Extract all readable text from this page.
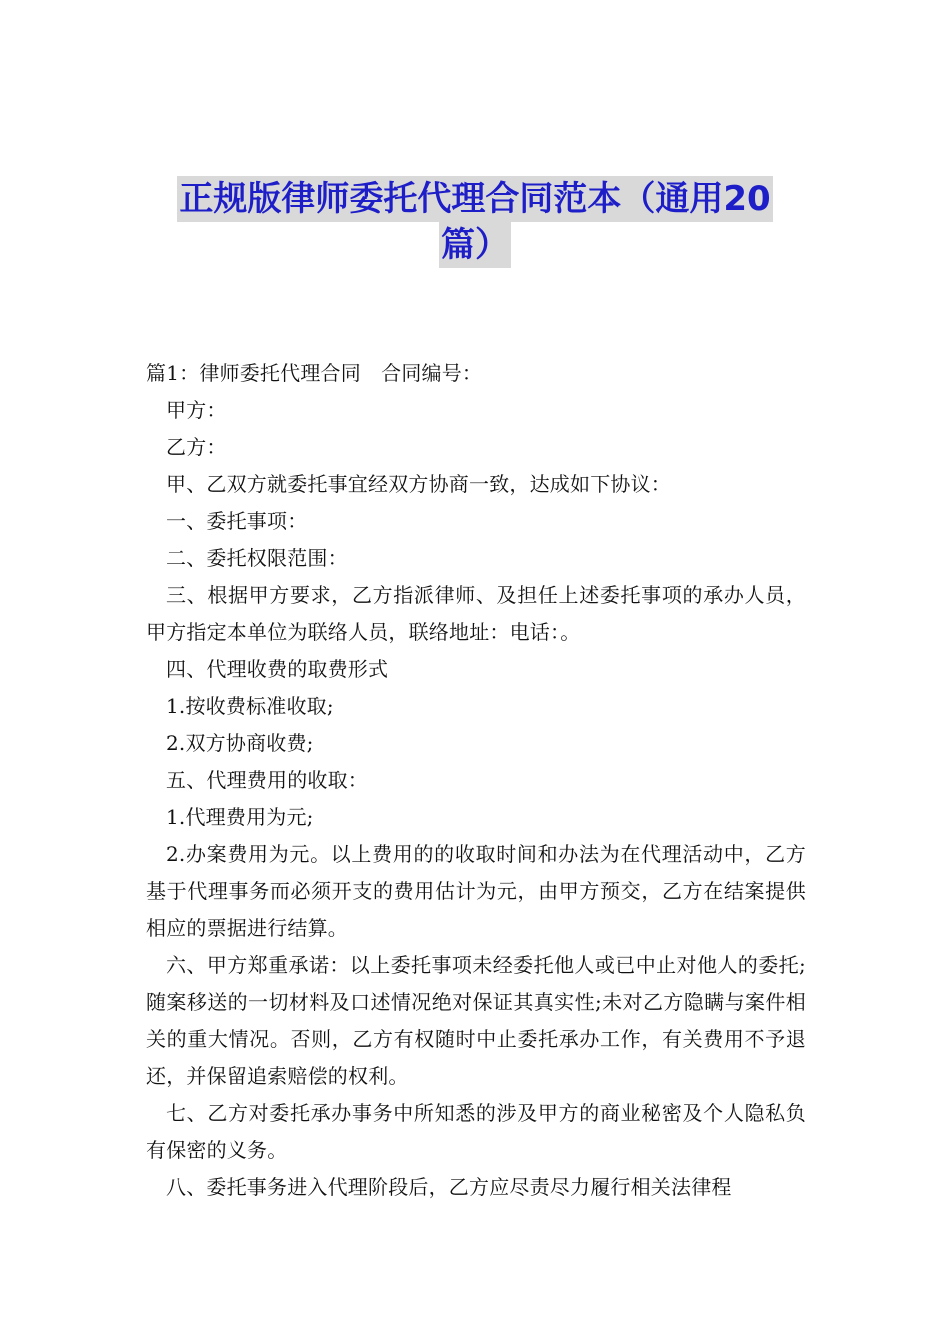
正规版律师委托代理合同范本（通用20
篇）

篇1：律师委托代理合同　合同编号：

甲方：

乙方：

甲、乙双方就委托事宜经双方协商一致，达成如下协议：

一、委托事项：

二、委托权限范围：

三、根据甲方要求，乙方指派律师、及担任上述委托事项的承办人员，甲方指定本单位为联络人员，联络地址：电话：。

四、代理收费的取费形式

1.按收费标准收取;

2.双方协商收费;

五、代理费用的收取：

1.代理费用为元;

2.办案费用为元。以上费用的的收取时间和办法为在代理活动中，乙方基于代理事务而必须开支的费用估计为元，由甲方预交，乙方在结案提供相应的票据进行结算。

六、甲方郑重承诺：以上委托事项未经委托他人或已中止对他人的委托;随案移送的一切材料及口述情况绝对保证其真实性;未对乙方隐瞒与案件相关的重大情况。否则，乙方有权随时中止委托承办工作，有关费用不予退还，并保留追索赔偿的权利。

七、乙方对委托承办事务中所知悉的涉及甲方的商业秘密及个人隐私负有保密的义务。

八、委托事务进入代理阶段后，乙方应尽责尽力履行相关法律程
